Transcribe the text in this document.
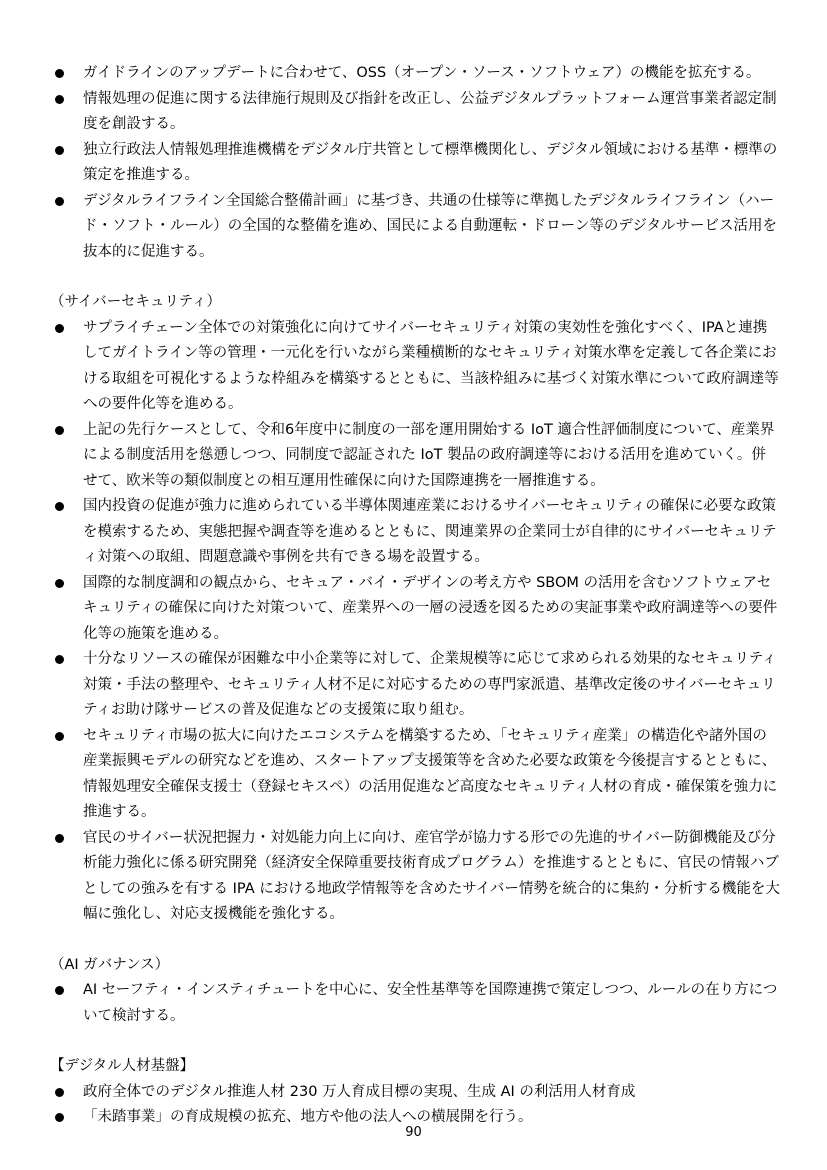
ガイドラインのアップデートに合わせて、OSS（オープン・ソース・ソフトウェア）の機能を拡充する。
情報処理の促進に関する法律施行規則及び指針を改正し、公益デジタルプラットフォーム運営事業者認定制度を創設する。
独立行政法人情報処理推進機構をデジタル庁共管として標準機関化し、デジタル領域における基準・標準の策定を推進する。
デジタルライフライン全国総合整備計画」に基づき、共通の仕様等に準拠したデジタルライフライン（ハード・ソフト・ルール）の全国的な整備を進め、国民による自動運転・ドローン等のデジタルサービス活用を抜本的に促進する。

（サイバーセキュリティ）

サプライチェーン全体での対策強化に向けてサイバーセキュリティ対策の実効性を強化すべく、IPAと連携してガイトライン等の管理・一元化を行いながら業種横断的なセキュリティ対策水準を定義して各企業における取組を可視化するような枠組みを構築するとともに、当該枠組みに基づく対策水準について政府調達等への要件化等を進める。
上記の先行ケースとして、令和6年度中に制度の一部を運用開始する IoT 適合性評価制度について、産業界による制度活用を慫慂しつつ、同制度で認証された IoT 製品の政府調達等における活用を進めていく。併せて、欧米等の類似制度との相互運用性確保に向けた国際連携を一層推進する。
国内投資の促進が強力に進められている半導体関連産業におけるサイバーセキュリティの確保に必要な政策を模索するため、実態把握や調査等を進めるとともに、関連業界の企業同士が自律的にサイバーセキュリティ対策への取組、問題意識や事例を共有できる場を設置する。
国際的な制度調和の観点から、セキュア・バイ・デザインの考え方や SBOM の活用を含むソフトウェアセキュリティの確保に向けた対策ついて、産業界への一層の浸透を図るための実証事業や政府調達等への要件化等の施策を進める。
十分なリソースの確保が困難な中小企業等に対して、企業規模等に応じて求められる効果的なセキュリティ対策・手法の整理や、セキュリティ人材不足に対応するための専門家派遣、基準改定後のサイバーセキュリティお助け隊サービスの普及促進などの支援策に取り組む。
セキュリティ市場の拡大に向けたエコシステムを構築するため、「セキュリティ産業」の構造化や諸外国の産業振興モデルの研究などを進め、スタートアップ支援策等を含めた必要な政策を今後提言するとともに、情報処理安全確保支援士（登録セキスペ）の活用促進など高度なセキュリティ人材の育成・確保策を強力に推進する。
官民のサイバー状況把握力・対処能力向上に向け、産官学が協力する形での先進的サイバー防御機能及び分析能力強化に係る研究開発（経済安全保障重要技術育成プログラム）を推進するとともに、官民の情報ハブとしての強みを有する IPA における地政学情報等を含めたサイバー情勢を統合的に集約・分析する機能を大幅に強化し、対応支援機能を強化する。

（AI ガバナンス）

AI セーフティ・インスティチュートを中心に、安全性基準等を国際連携で策定しつつ、ルールの在り方について検討する。

【デジタル人材基盤】

政府全体でのデジタル推進人材 230 万人育成目標の実現、生成 AI の利活用人材育成
「未踏事業」の育成規模の拡充、地方や他の法人への横展開を行う。
90
